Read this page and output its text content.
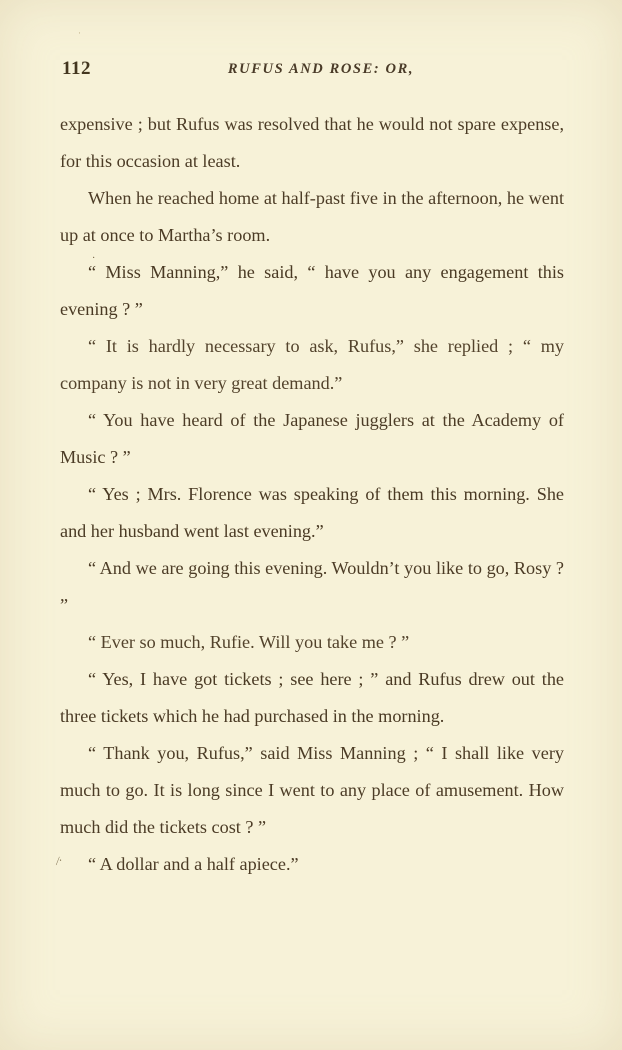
·
112	RUFUS AND ROSE: OR,

expensive ; but Rufus was resolved that he would not spare expense, for this occasion at least.

When he reached home at half-past five in the afternoon, he went up at once to Martha’s room.

“ Miss Manning,” he said, “ have you any engagement this evening ? ”

“ It is hardly necessary to ask, Rufus,” she replied ; “ my company is not in very great demand.”

“ You have heard of the Japanese jugglers at the Academy of Music ? ”

“ Yes ; Mrs. Florence was speaking of them this morning. She and her husband went last evening.”

“ And we are going this evening. Wouldn’t you like to go, Rosy ? ”

“ Ever so much, Rufie. Will you take me ? ”

“ Yes, I have got tickets ; see here ; ” and Rufus drew out the three tickets which he had purchased in the morning.

“ Thank you, Rufus,” said Miss Manning ; “ I shall like very much to go. It is long since I went to any place of amusement. How much did the tickets cost ? ”

“ A dollar and a half apiece.”

·
⁄·
